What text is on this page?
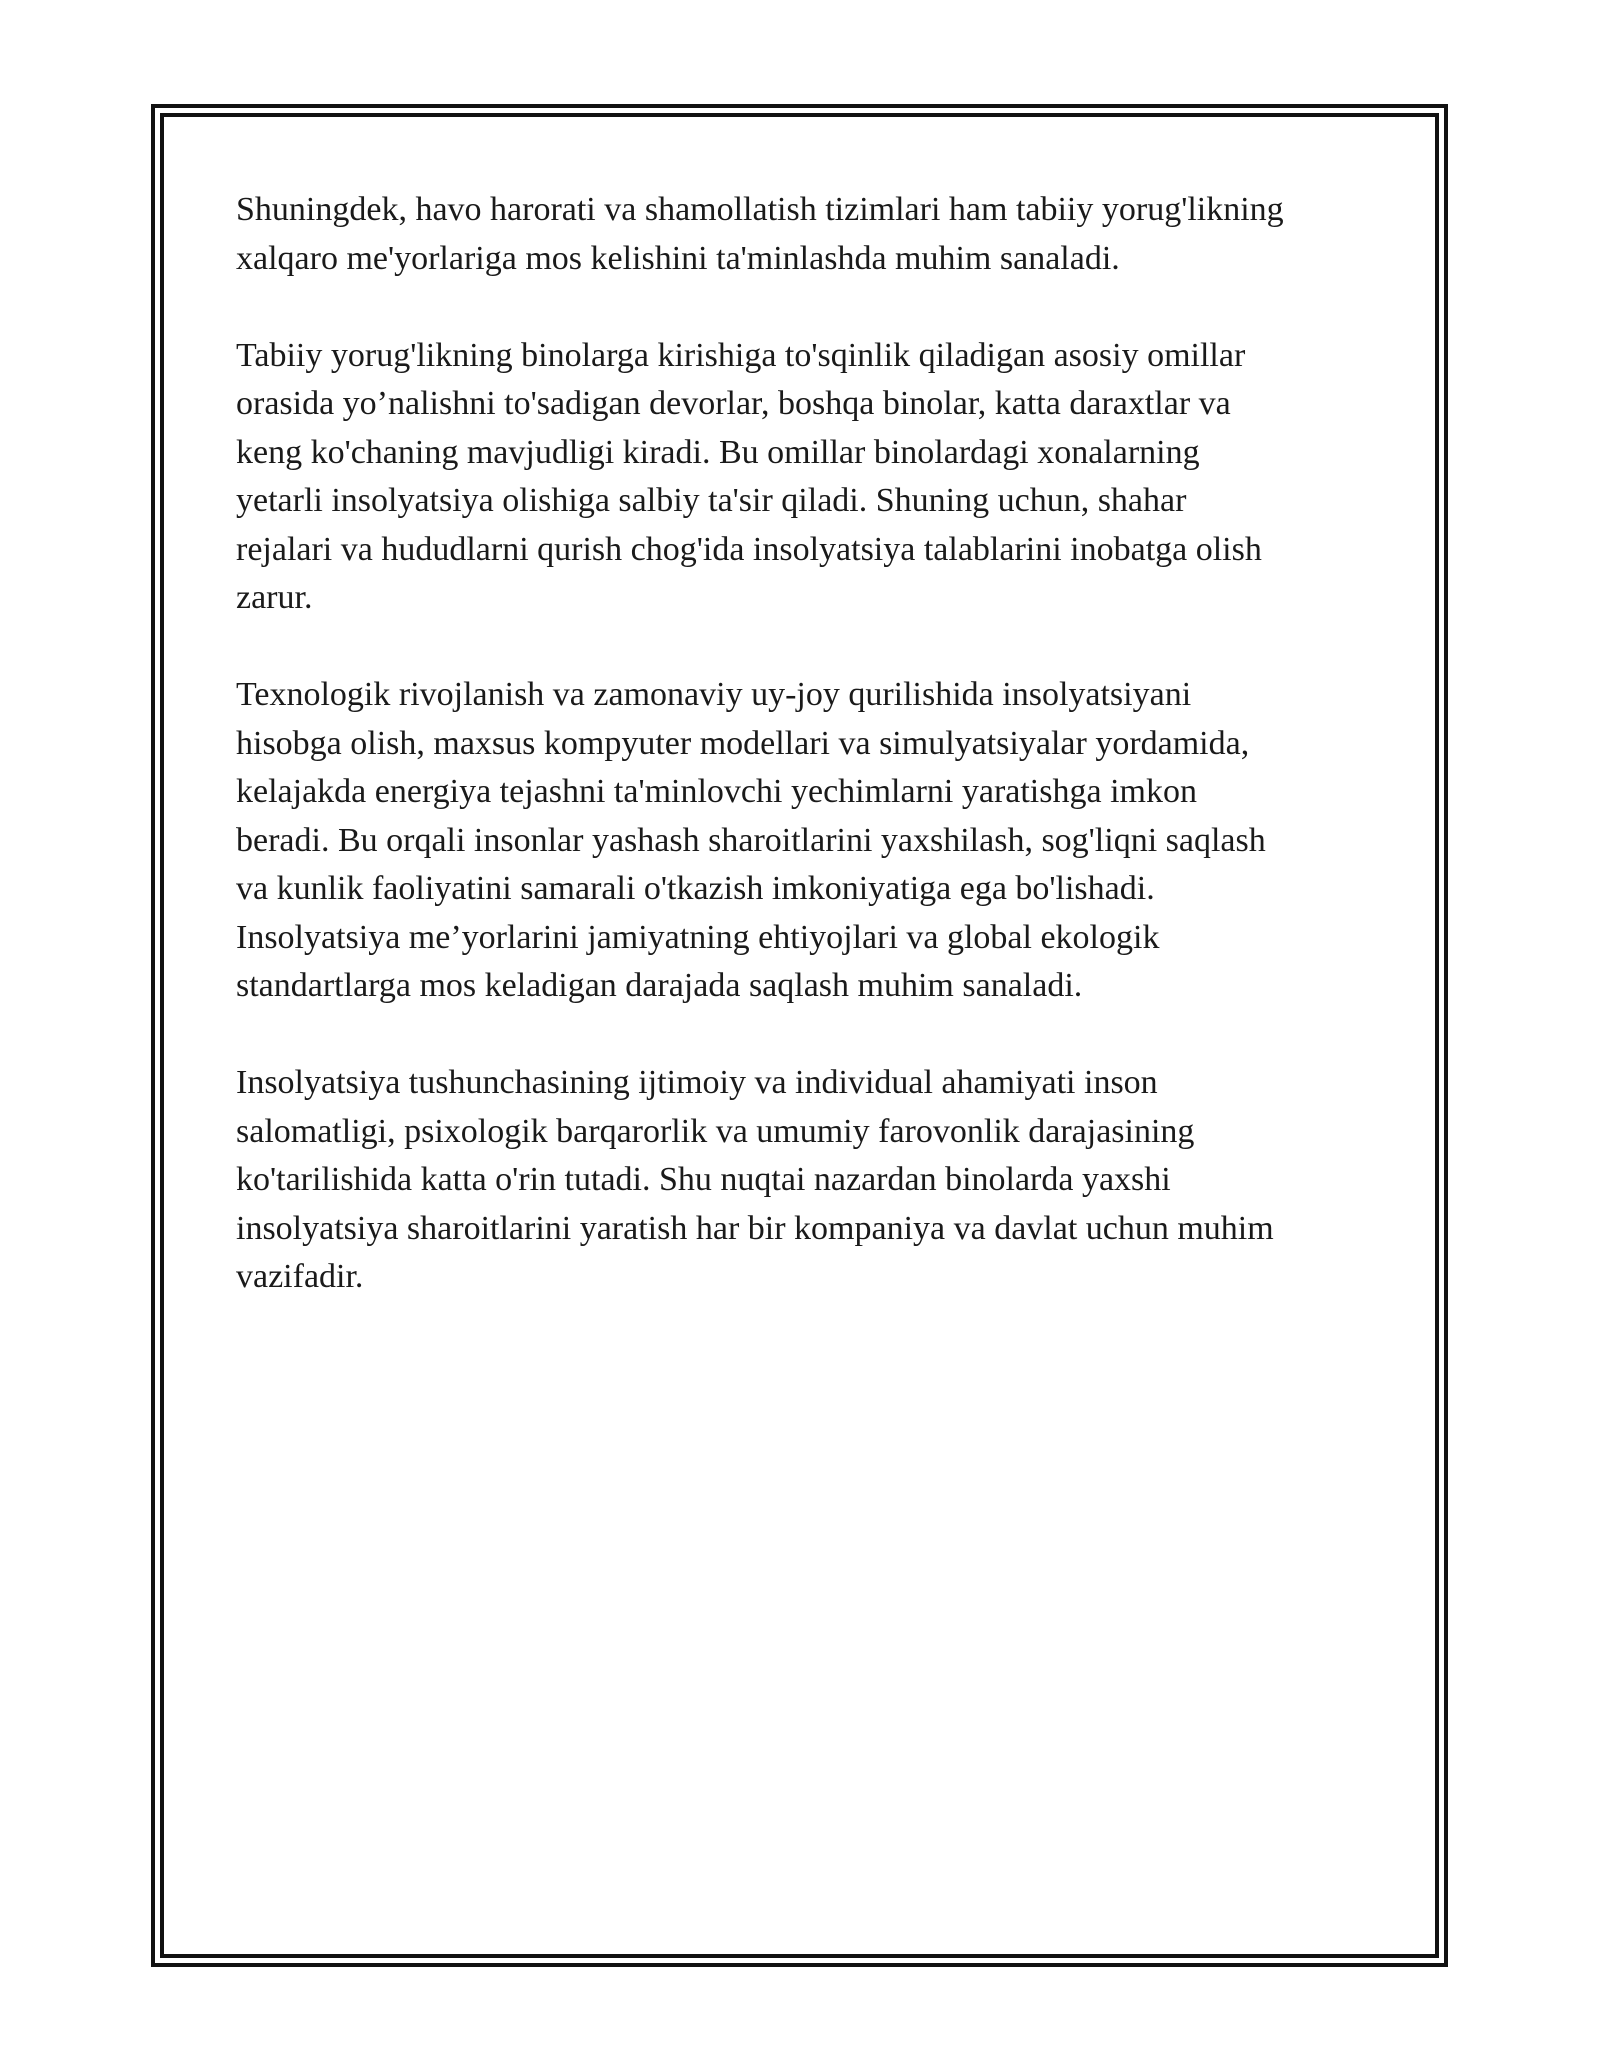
Shuningdek, havo harorati va shamollatish tizimlari ham tabiiy yorug'likning
xalqaro me'yorlariga mos kelishini ta'minlashda muhim sanaladi.

Tabiiy yorug'likning binolarga kirishiga to'sqinlik qiladigan asosiy omillar
orasida yo’nalishni to'sadigan devorlar, boshqa binolar, katta daraxtlar va
keng ko'chaning mavjudligi kiradi. Bu omillar binolardagi xonalarning
yetarli insolyatsiya olishiga salbiy ta'sir qiladi. Shuning uchun, shahar
rejalari va hududlarni qurish chog'ida insolyatsiya talablarini inobatga olish
zarur.

Texnologik rivojlanish va zamonaviy uy-joy qurilishida insolyatsiyani
hisobga olish, maxsus kompyuter modellari va simulyatsiyalar yordamida,
kelajakda energiya tejashni ta'minlovchi yechimlarni yaratishga imkon
beradi. Bu orqali insonlar yashash sharoitlarini yaxshilash, sog'liqni saqlash
va kunlik faoliyatini samarali o'tkazish imkoniyatiga ega bo'lishadi.
Insolyatsiya me’yorlarini jamiyatning ehtiyojlari va global ekologik
standartlarga mos keladigan darajada saqlash muhim sanaladi.

Insolyatsiya tushunchasining ijtimoiy va individual ahamiyati inson
salomatligi, psixologik barqarorlik va umumiy farovonlik darajasining
ko'tarilishida katta o'rin tutadi. Shu nuqtai nazardan binolarda yaxshi
insolyatsiya sharoitlarini yaratish har bir kompaniya va davlat uchun muhim
vazifadir.
